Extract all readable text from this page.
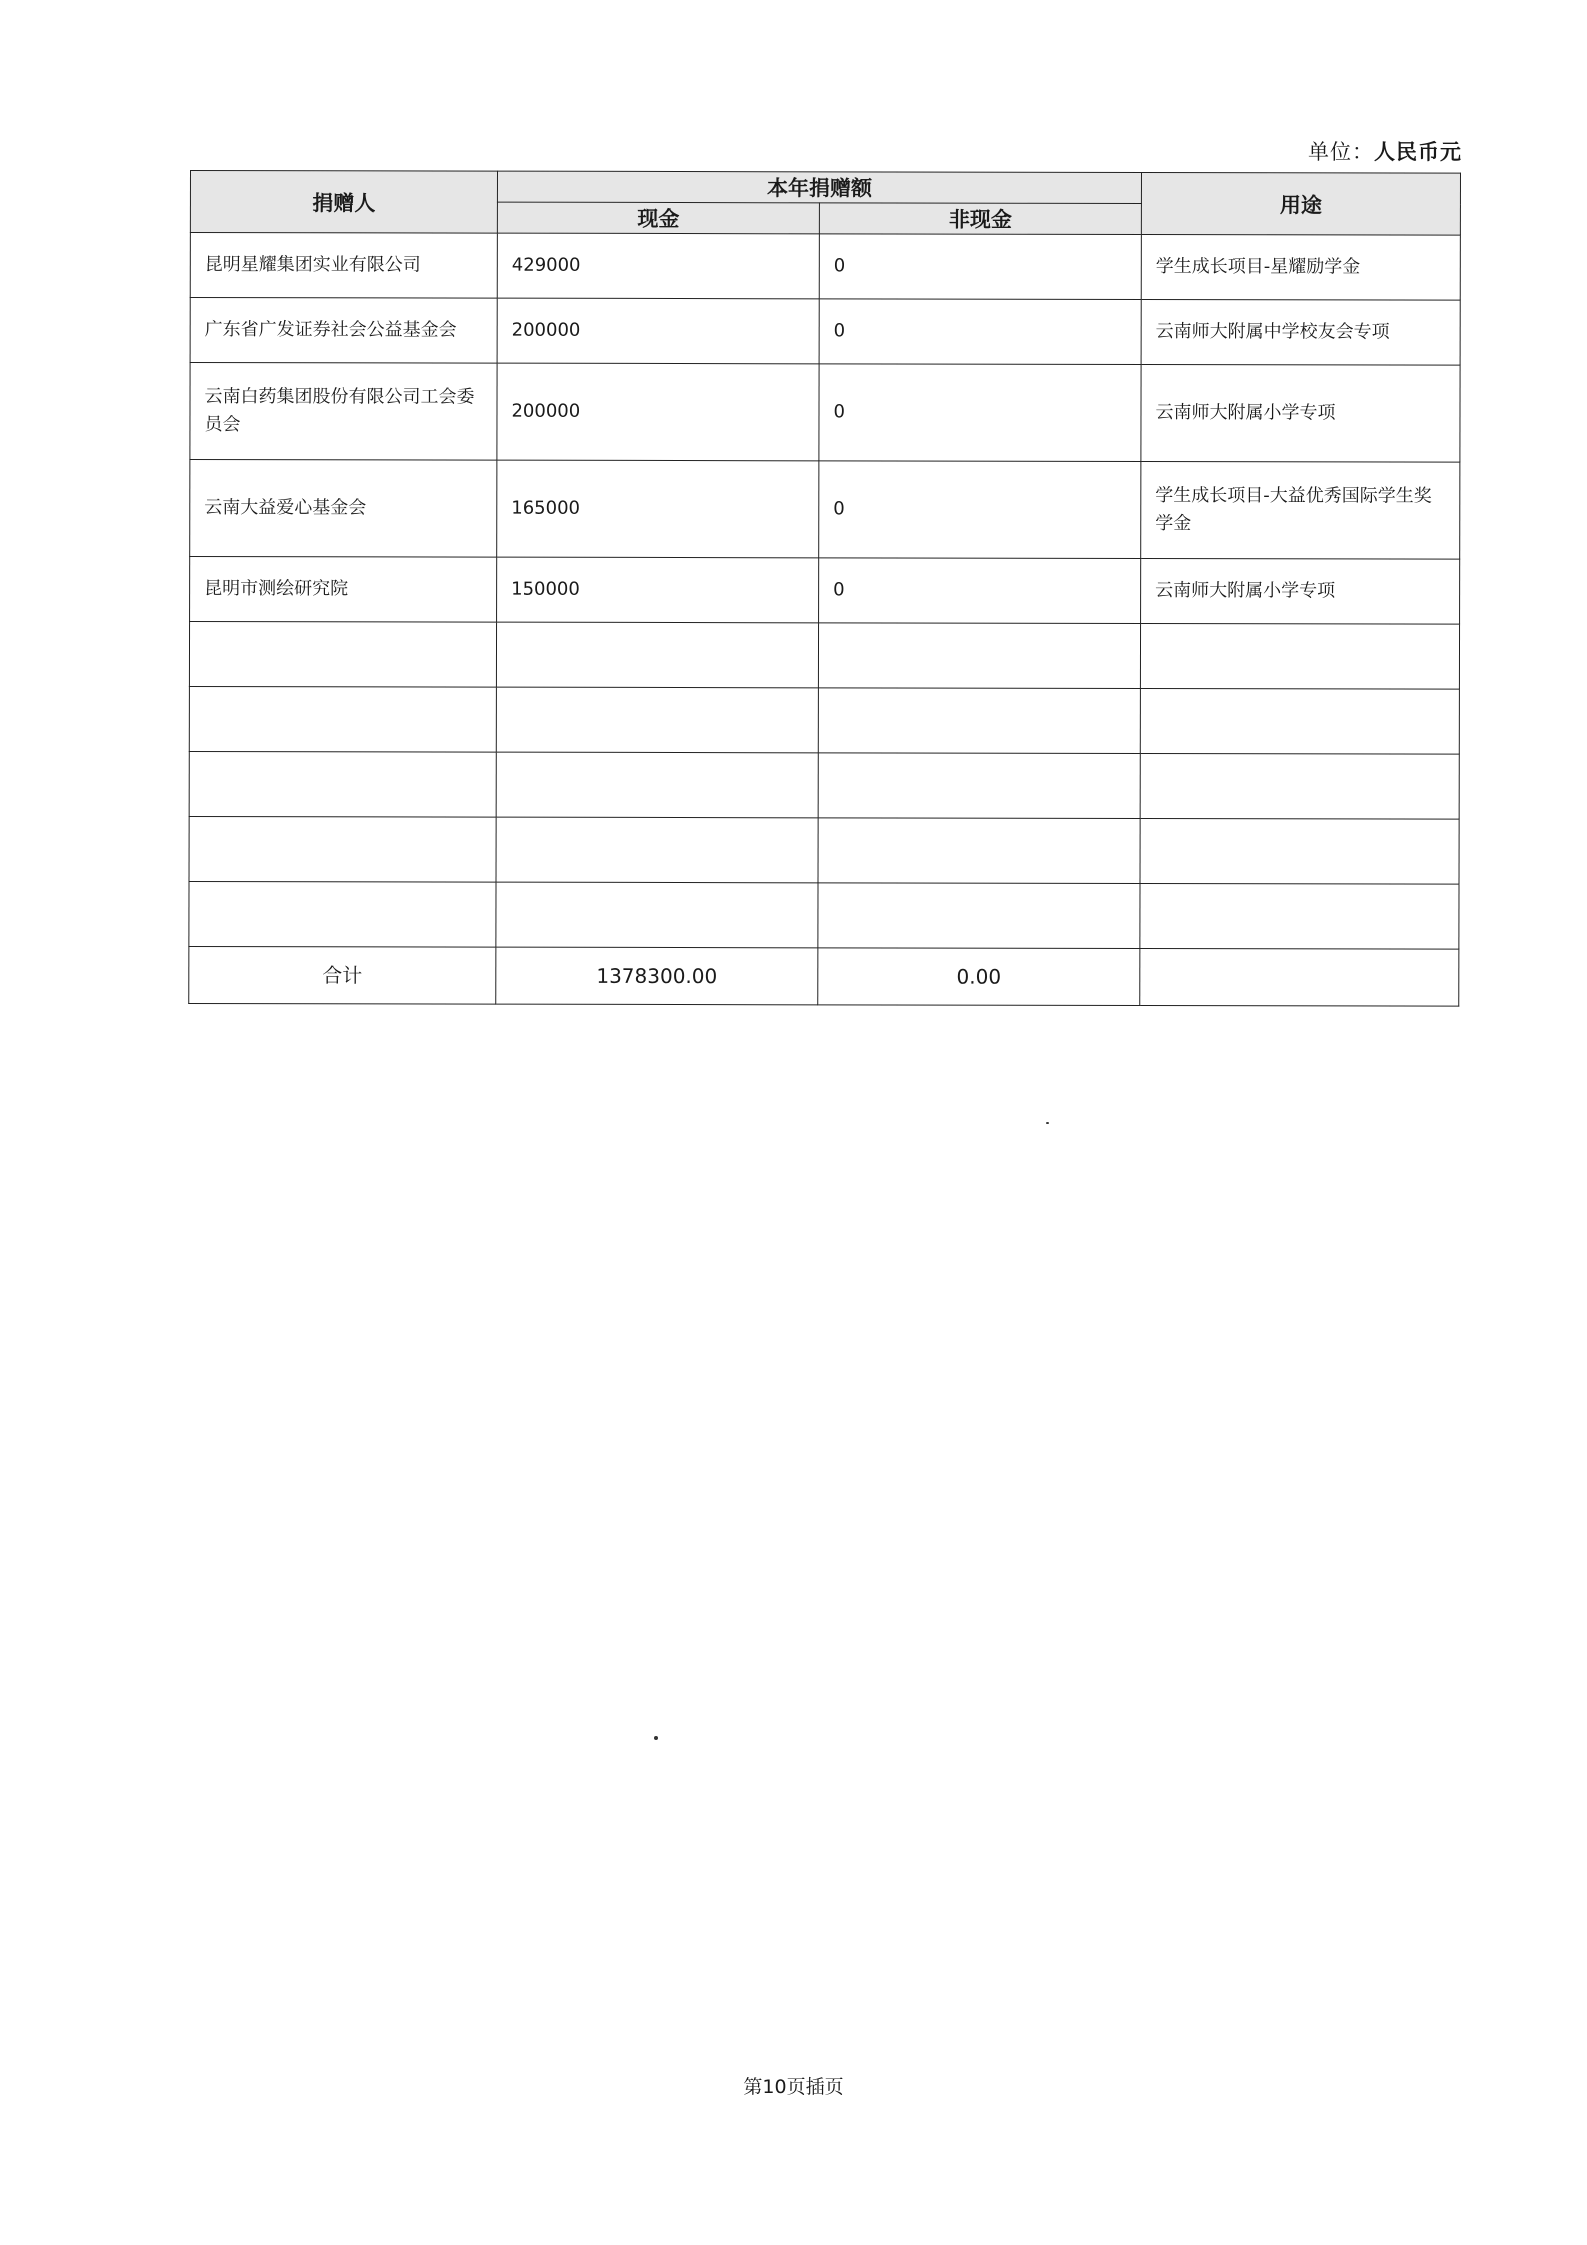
单位：人民币元
捐赠人	本年捐赠额		用途
	现金	非现金	
昆明星耀集团实业有限公司	429000	0	学生成长项目-星耀励学金
广东省广发证券社会公益基金会	200000	0	云南师大附属中学校友会专项
云南白药集团股份有限公司工会委员会	200000	0	云南师大附属小学专项
云南大益爱心基金会	165000	0	学生成长项目-大益优秀国际学生奖学金
昆明市测绘研究院	150000	0	云南师大附属小学专项

合计	1378300.00	0.00	
第10页插页
